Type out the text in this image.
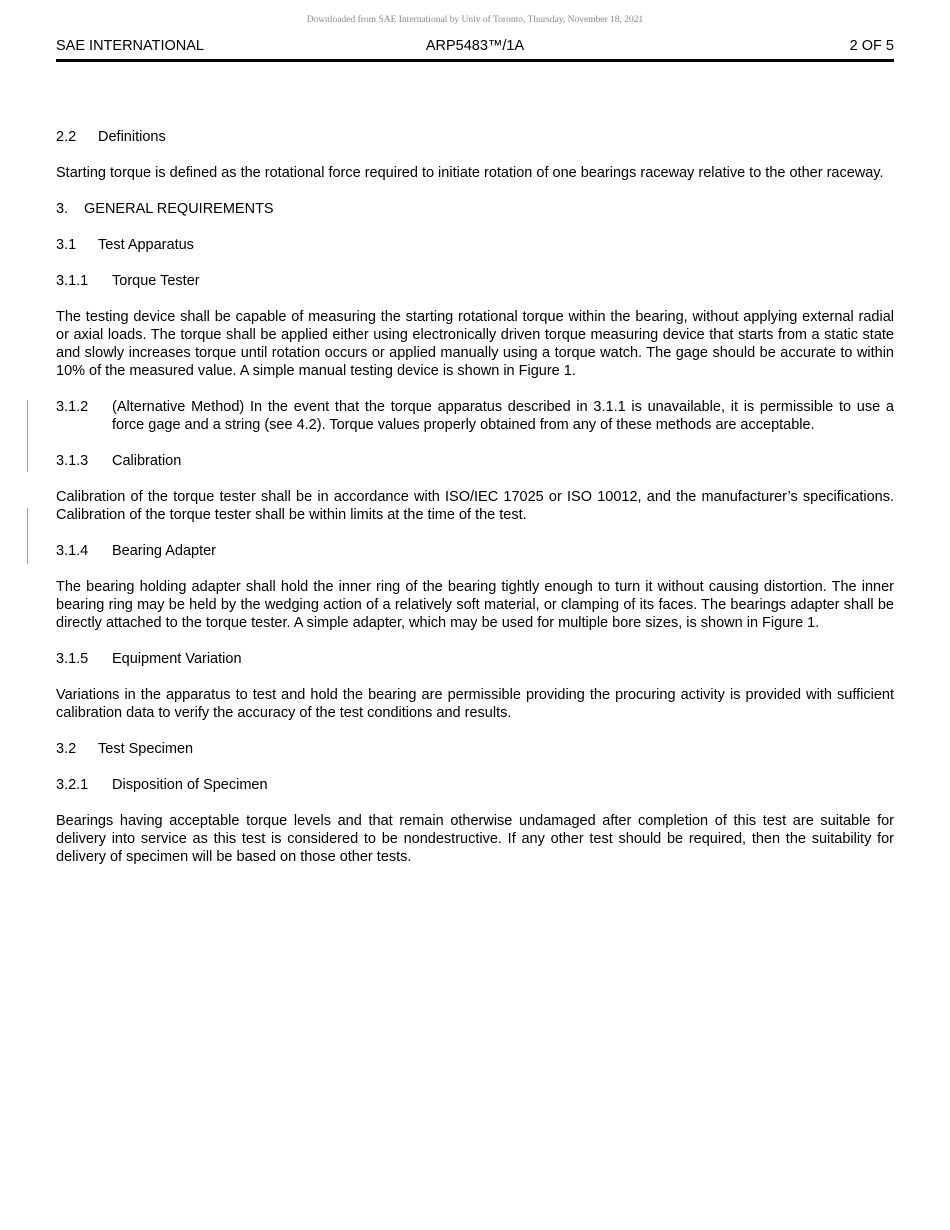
Downloaded from SAE International by Univ of Toronto, Thursday, November 18, 2021
SAE INTERNATIONAL	ARP5483™/1A	2 OF 5
2.2 Definitions

Starting torque is defined as the rotational force required to initiate rotation of one bearings raceway relative to the other raceway.

3. GENERAL REQUIREMENTS
3.1 Test Apparatus
3.1.1 Torque Tester

The testing device shall be capable of measuring the starting rotational torque within the bearing, without applying external radial or axial loads. The torque shall be applied either using electronically driven torque measuring device that starts from a static state and slowly increases torque until rotation occurs or applied manually using a torque watch. The gage should be accurate to within 10% of the measured value. A simple manual testing device is shown in Figure 1.

3.1.2	(Alternative Method) In the event that the torque apparatus described in 3.1.1 is unavailable, it is permissible to use a force gage and a string (see 4.2). Torque values properly obtained from any of these methods are acceptable.
3.1.3 Calibration

Calibration of the torque tester shall be in accordance with ISO/IEC 17025 or ISO 10012, and the manufacturer’s specifications. Calibration of the torque tester shall be within limits at the time of the test.

3.1.4 Bearing Adapter

The bearing holding adapter shall hold the inner ring of the bearing tightly enough to turn it without causing distortion. The inner bearing ring may be held by the wedging action of a relatively soft material, or clamping of its faces. The bearings adapter shall be directly attached to the torque tester. A simple adapter, which may be used for multiple bore sizes, is shown in Figure 1.

3.1.5 Equipment Variation

Variations in the apparatus to test and hold the bearing are permissible providing the procuring activity is provided with sufficient calibration data to verify the accuracy of the test conditions and results.

3.2 Test Specimen
3.2.1 Disposition of Specimen

Bearings having acceptable torque levels and that remain otherwise undamaged after completion of this test are suitable for delivery into service as this test is considered to be nondestructive. If any other test should be required, then the suitability for delivery of specimen will be based on those other tests.
